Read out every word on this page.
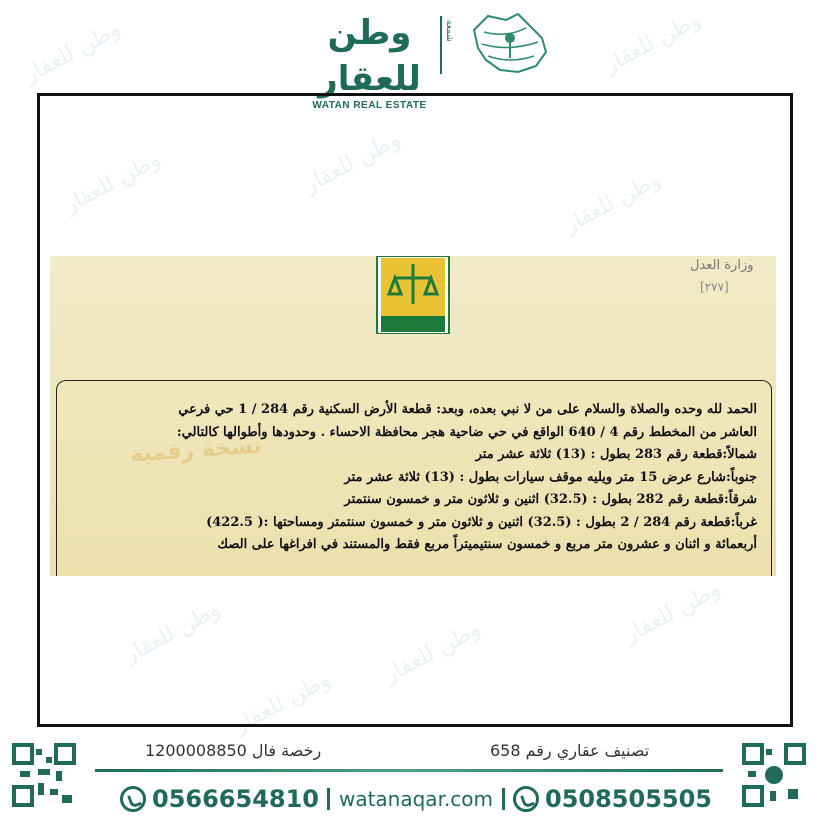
وطن للعقار	وطن للعقار
وطن للعقار	وطن للعقار
وطن للعقار
وطن للعقار	وطن للعقار
وطن للعقار
وطن للعقار
وطن للعقار
WATAN REAL ESTATE
شمعة
وزارة العدل
[٢٧٧]
نسخة رقمية
الحمد لله وحده والصلاة والسلام على من لا نبي بعده، وبعد: قطعة الأرض السكنية رقم 284 / 1 حي فرعي
العاشر من المخطط رقم 4 / 640 الواقع في حي ضاحية هجر محافظة الاحساء . وحدودها وأطوالها كالتالي:
شمالاً:قطعة رقم 283 بطول : (13) ثلاثة عشر متر
جنوباً:شارع عرض 15 متر ويليه موقف سيارات بطول : (13) ثلاثة عشر متر
شرقاً:قطعة رقم 282 بطول : (32.5) اثنين و ثلاثون متر و خمسون سنتمتر
غرباً:قطعة رقم 284 / 2 بطول : (32.5) اثنين و ثلاثون متر و خمسون سنتمتر ومساحتها :( 422.5)
أربعمائة و اثنان و عشرون متر مربع و خمسون سنتيميتراً مربع فقط والمستند في افراغها على الصك
رخصة فال 1200008850	تصنيف عقاري رقم 658
0566654810 watanaqar.com 0508505505
